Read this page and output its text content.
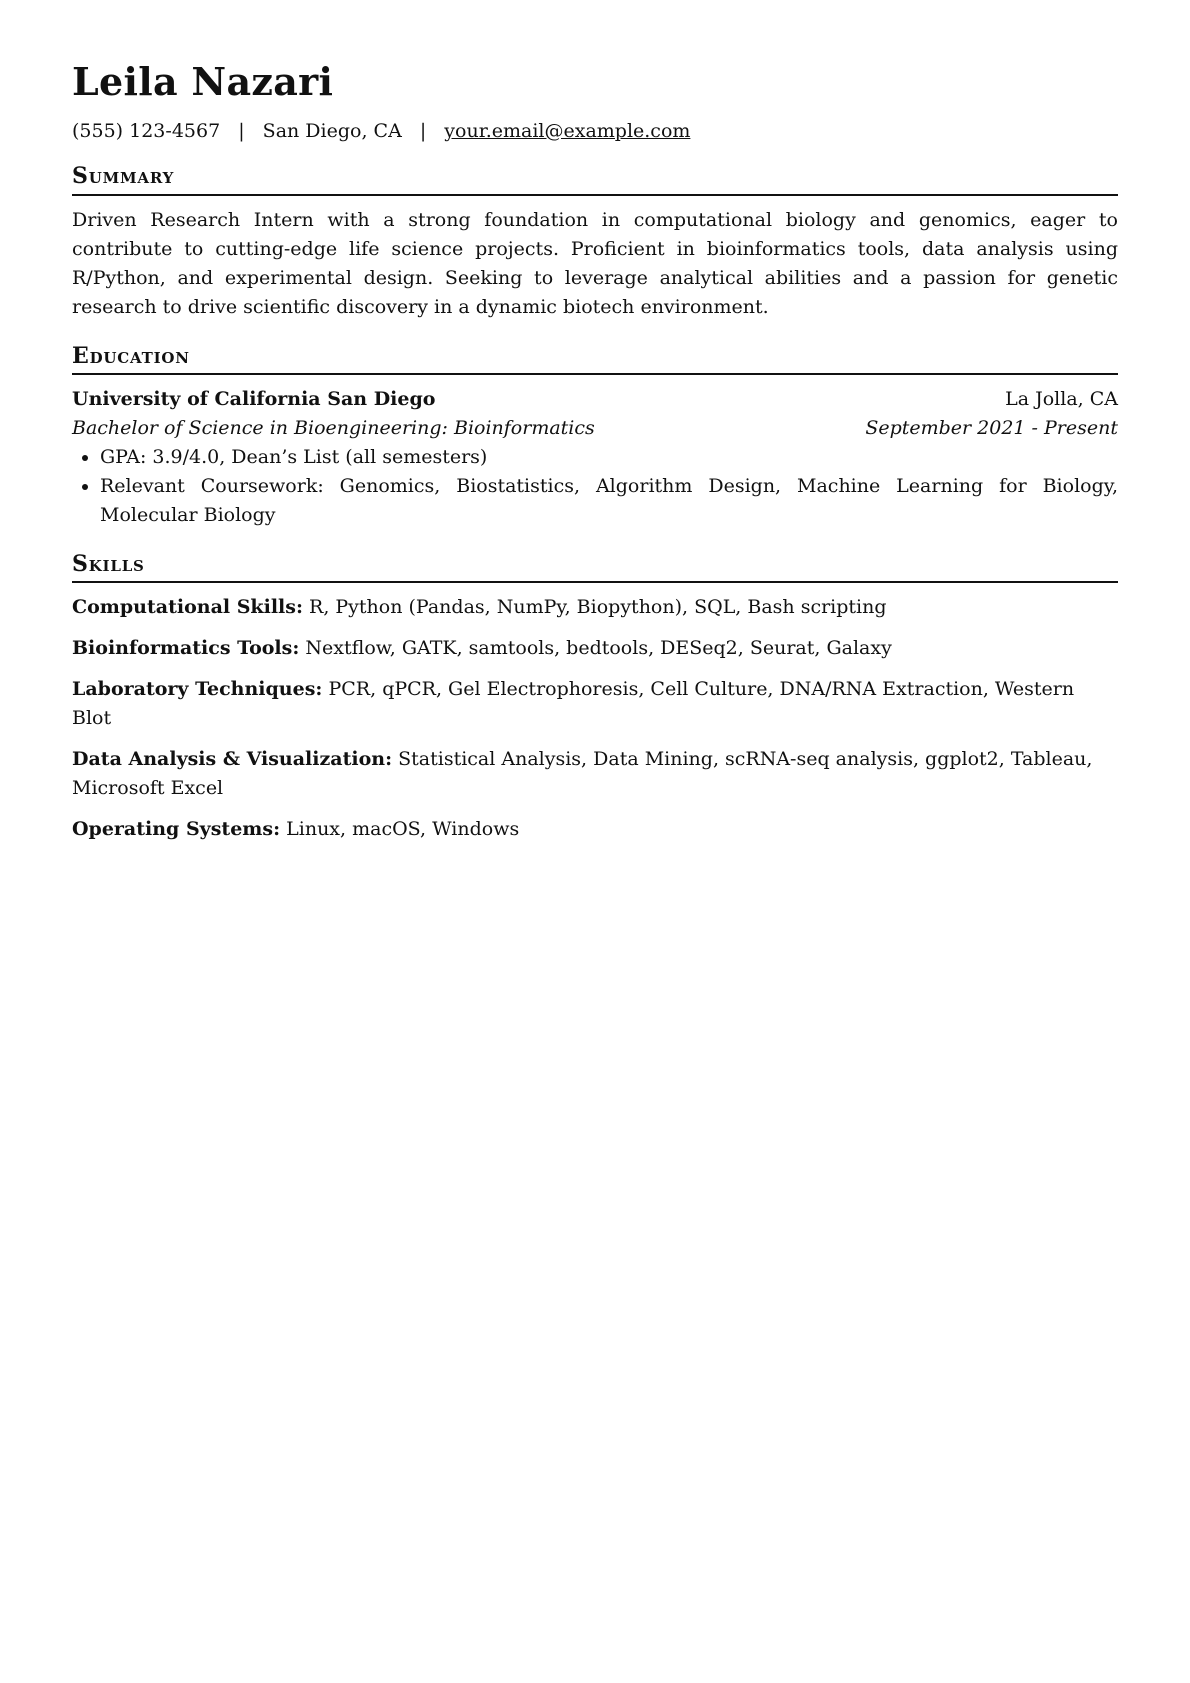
Leila Nazari
(555) 123-4567 | San Diego, CA | your.email@example.com
Summary

Driven Research Intern with a strong foundation in computational biology and genomics, eager to contribute to cutting-edge life science projects. Proficient in bioinformatics tools, data analysis using R/Python, and experimental design. Seeking to leverage analytical abilities and a passion for genetic research to drive scientific discovery in a dynamic biotech environment.

Education
University of California San Diego	La Jolla, CA
Bachelor of Science in Bioengineering: Bioinformatics	September 2021 - Present
• GPA: 3.9/4.0, Dean’s List (all semesters)
• Relevant Coursework: Genomics, Biostatistics, Algorithm Design, Machine Learning for Biology, Molecular Biology
Skills
Computational Skills: R, Python (Pandas, NumPy, Biopython), SQL, Bash scripting
Bioinformatics Tools: Nextflow, GATK, samtools, bedtools, DESeq2, Seurat, Galaxy
Laboratory Techniques: PCR, qPCR, Gel Electrophoresis, Cell Culture, DNA/RNA Extraction, Western Blot
Data Analysis & Visualization: Statistical Analysis, Data Mining, scRNA-seq analysis, ggplot2, Tableau, Microsoft Excel
Operating Systems: Linux, macOS, Windows
